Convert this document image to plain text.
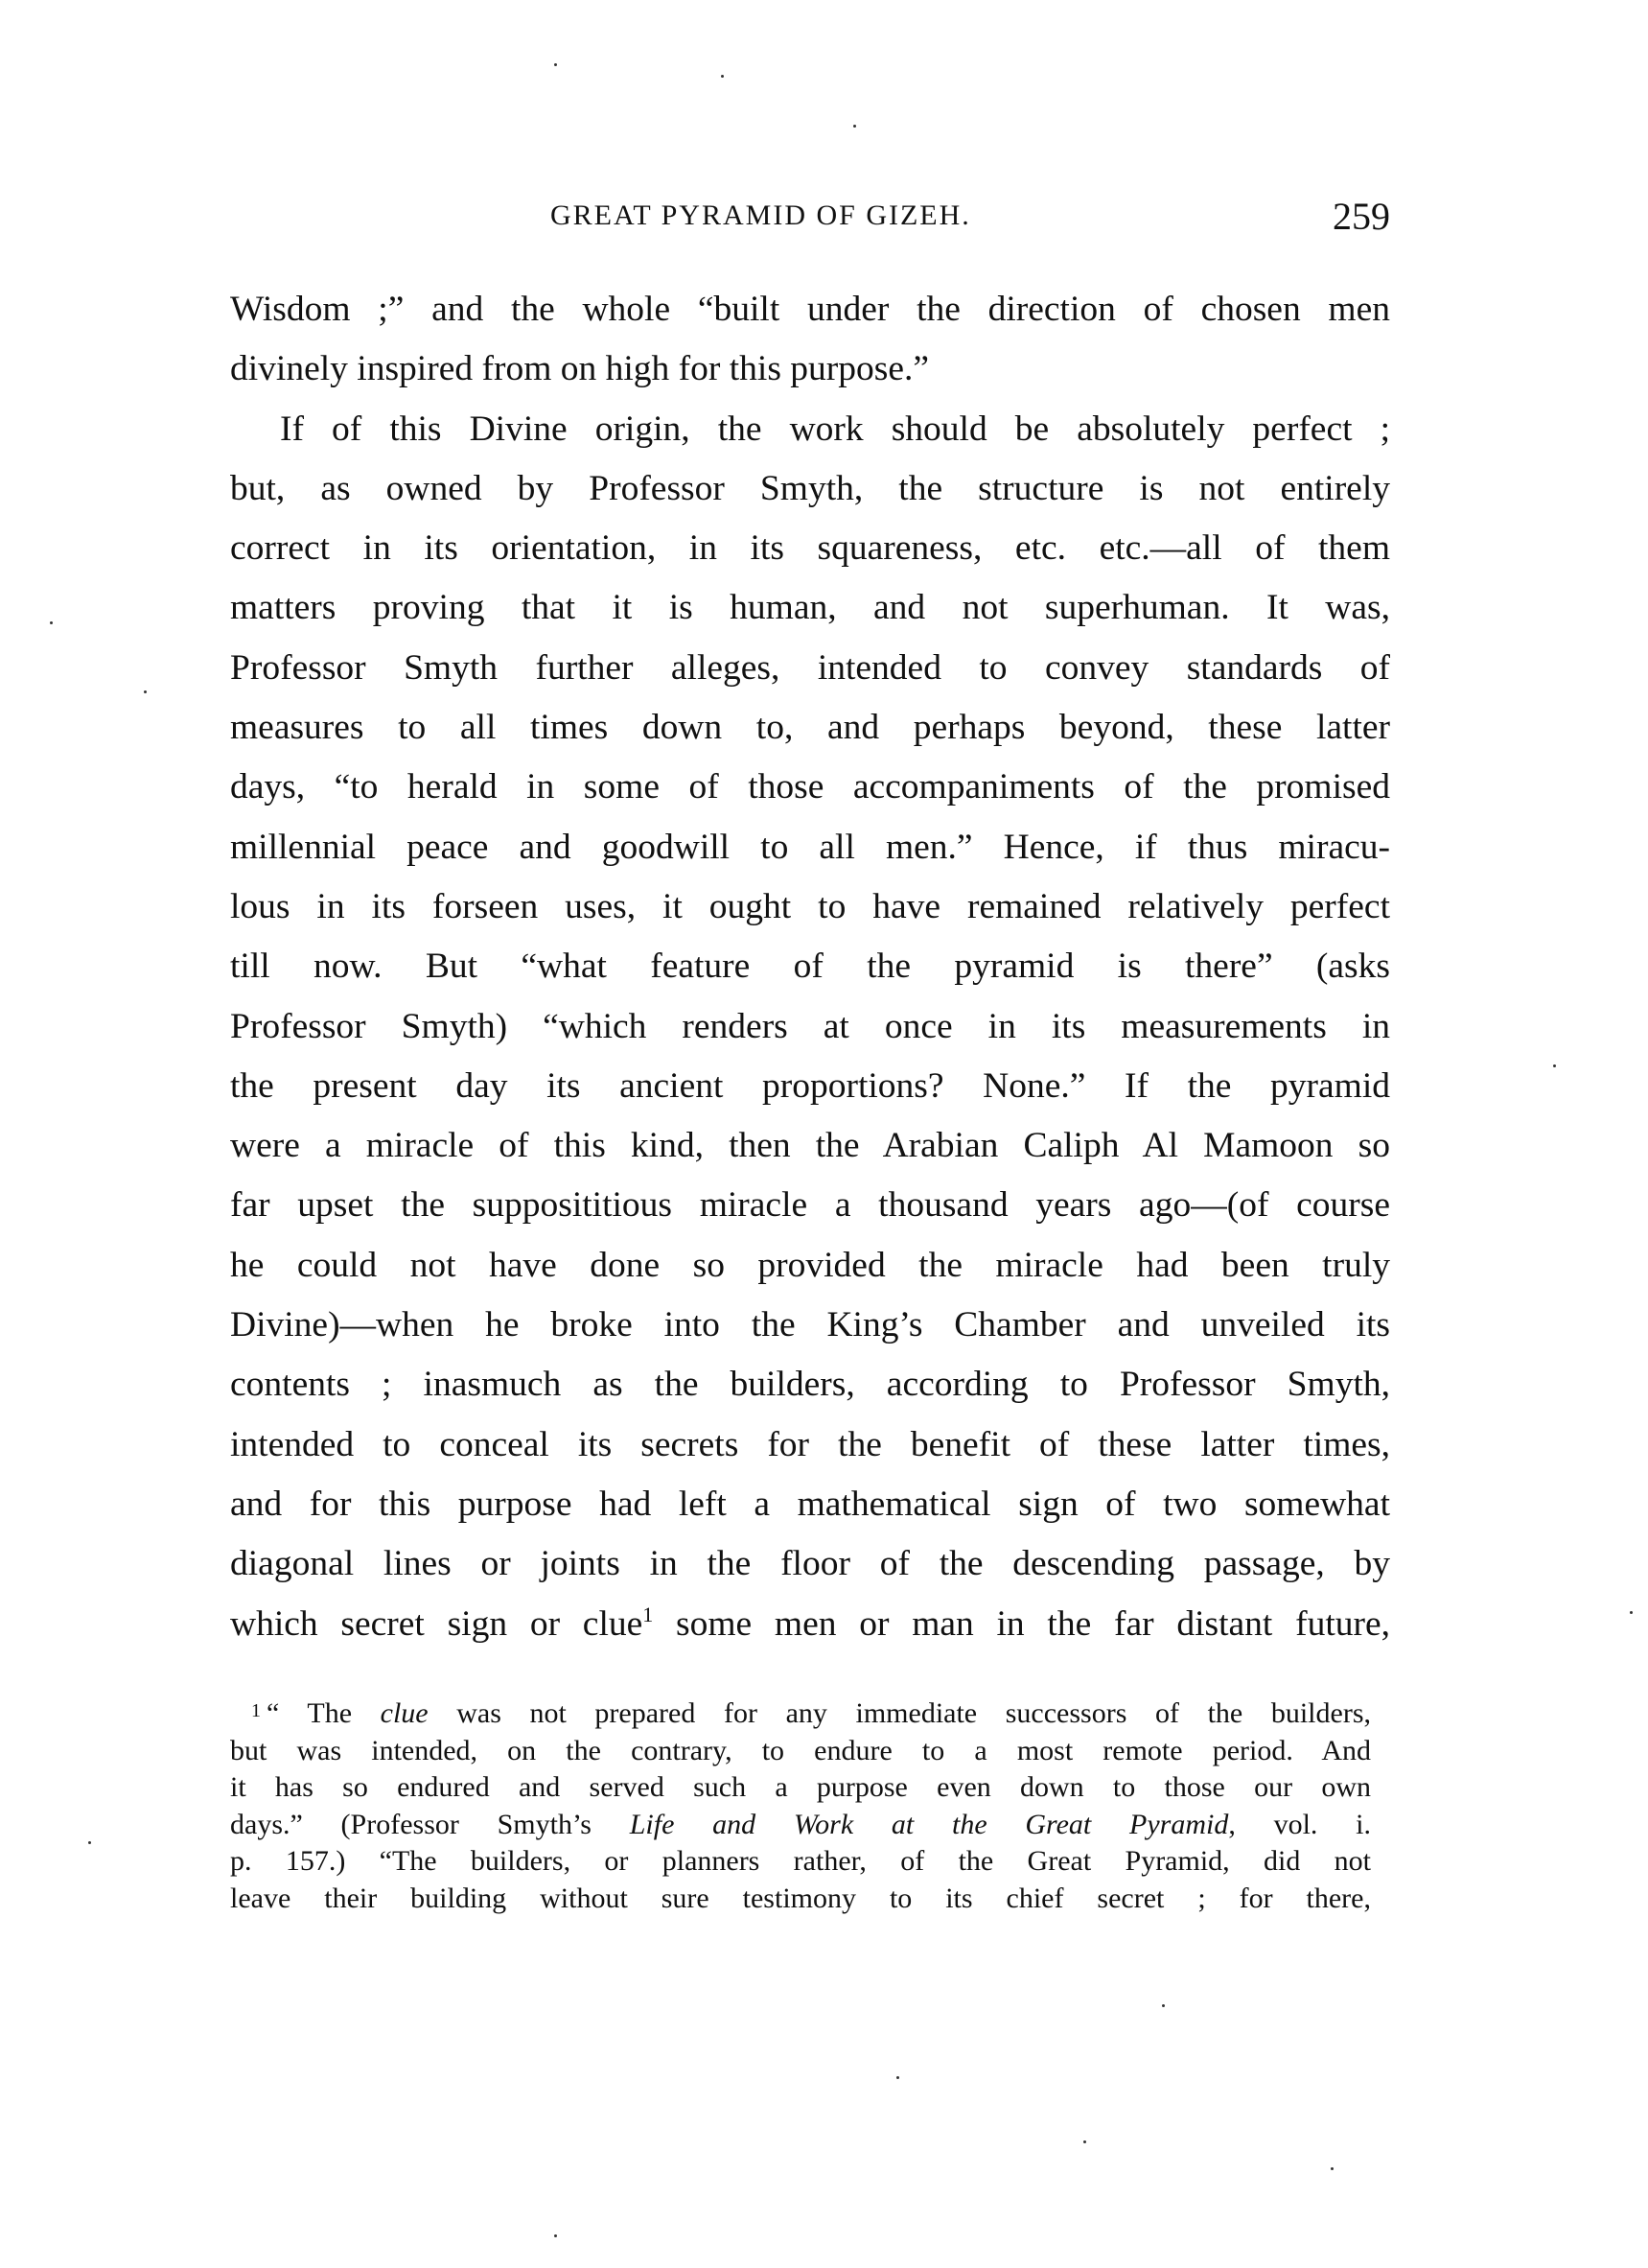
GREAT PYRAMID OF GIZEH.	259
Wisdom ;” and the whole “built under the direction of chosen men
divinely inspired from on high for this purpose.”
If of this Divine origin, the work should be absolutely perfect ;
but, as owned by Professor Smyth, the structure is not entirely
correct in its orientation, in its squareness, etc. etc.—all of them
matters proving that it is human, and not superhuman. It was,
Professor Smyth further alleges, intended to convey standards of
measures to all times down to, and perhaps beyond, these latter
days, “to herald in some of those accompaniments of the promised
millennial peace and goodwill to all men.” Hence, if thus miracu-
lous in its forseen uses, it ought to have remained relatively perfect
till now. But “what feature of the pyramid is there” (asks
Professor Smyth) “which renders at once in its measurements in
the present day its ancient proportions? None.” If the pyramid
were a miracle of this kind, then the Arabian Caliph Al Mamoon so
far upset the supposititious miracle a thousand years ago—(of course
he could not have done so provided the miracle had been truly
Divine)—when he broke into the King’s Chamber and unveiled its
contents ; inasmuch as the builders, according to Professor Smyth,
intended to conceal its secrets for the benefit of these latter times,
and for this purpose had left a mathematical sign of two somewhat
diagonal lines or joints in the floor of the descending passage, by
which secret sign or clue$^1$ some men or man in the far distant future,
$^1$ “ The clue was not prepared for any immediate successors of the builders,
but was intended, on the contrary, to endure to a most remote period. And
it has so endured and served such a purpose even down to those our own
days.” (Professor Smyth’s Life and Work at the Great Pyramid, vol. i.
p. 157.) “The builders, or planners rather, of the Great Pyramid, did not
leave their building without sure testimony to its chief secret ; for there,
